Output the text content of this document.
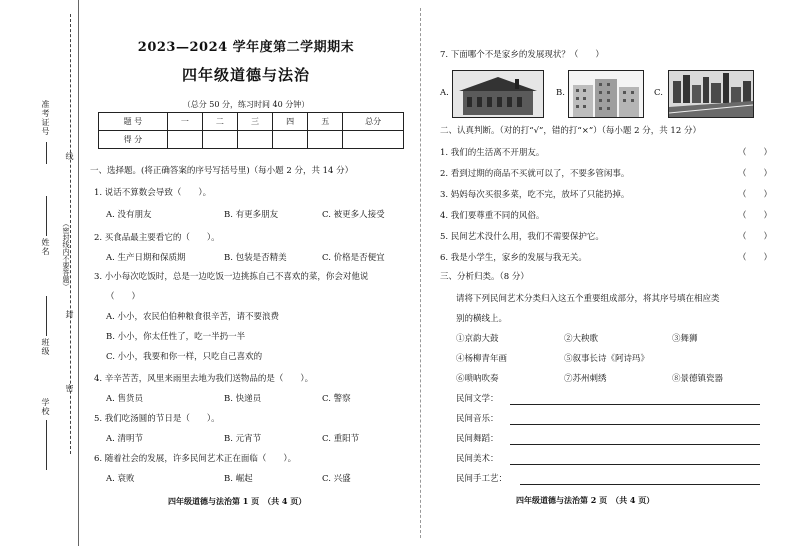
准考证号
线
姓名 （密封线内不要答题）
封
班级
密
学校
2023—2024 学年度第二学期期末
四年级道德与法治
（总分 50 分，练习时间 40 分钟）
题 号	一	二	三	四	五	总分
得 分						
一、选择题。(将正确答案的序号写括号里)（每小题 2 分，共 14 分）
1. 说话不算数会导致（　　）。
A. 没有朋友	B. 有更多朋友	C. 被更多人接受
2. 买食品最主要看它的（　　）。
A. 生产日期和保质期	B. 包装是否精美	C. 价格是否便宜
3. 小小每次吃饭时，总是一边吃饭一边挑拣自己不喜欢的菜，你会对他说
（　　）
A. 小小，农民伯伯种粮食很辛苦，请不要浪费
B. 小小，你太任性了，吃一半扔一半
C. 小小，我要和你一样，只吃自己喜欢的
4. 辛辛苦苦，风里来雨里去地为我们送物品的是（　　）。
A. 售货员	B. 快递员	C. 警察
5. 我们吃汤圆的节日是（　　）。
A. 清明节	B. 元宵节	C. 重阳节
6. 随着社会的发展，许多民间艺术正在面临（　　）。
A. 衰败	B. 崛起	C. 兴盛
四年级道德与法治第 1 页　（共 4 页）
7. 下面哪个不是家乡的发展现状？（　　）
A.	B.	C.
二、认真判断。（对的打“√”，错的打“×”）（每小题 2 分，共 12 分）
1. 我们的生活离不开朋友。	（　　）
2. 看到过期的商品不买就可以了，不要多管闲事。	（　　）
3. 妈妈每次买很多菜，吃不完，放坏了只能扔掉。	（　　）
4. 我们要尊重不同的风俗。	（　　）
5. 民间艺术没什么用，我们不需要保护它。	（　　）
6. 我是小学生，家乡的发展与我无关。	（　　）
三、分析归类。（8 分）
请将下列民间艺术分类归入这五个重要组成部分，将其序号填在相应类
别的横线上。
①京韵大鼓	②大秧歌	③舞狮
④杨柳青年画	⑤叙事长诗《阿诗玛》
⑥唢呐吹奏	⑦苏州刺绣	⑧景德镇瓷器
民间文学：
民间音乐：
民间舞蹈：
民间美术：
民间手工艺：
四年级道德与法治第 2 页　（共 4 页）
